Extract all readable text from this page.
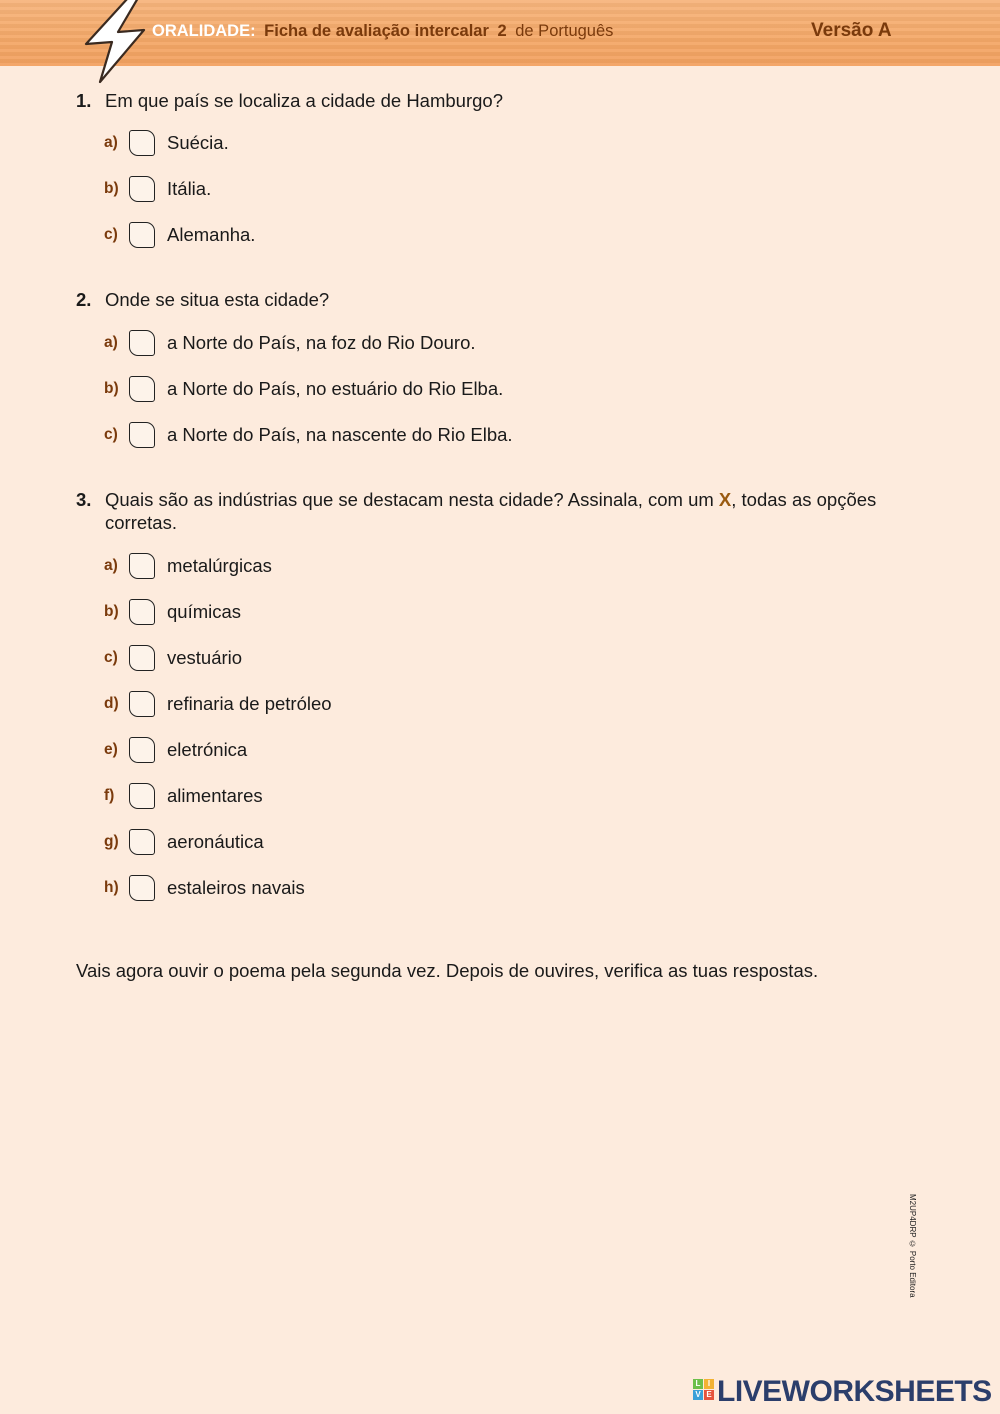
ORALIDADE: Ficha de avaliação intercalar 2 de Português	Versão A
1. Em que país se localiza a cidade de Hamburgo?
a)	Suécia.
b)	Itália.
c)	Alemanha.
2. Onde se situa esta cidade?
a)	a Norte do País, na foz do Rio Douro.
b)	a Norte do País, no estuário do Rio Elba.
c)	a Norte do País, na nascente do Rio Elba.
3. Quais são as indústrias que se destacam nesta cidade? Assinala, com um X, todas as opções corretas.
a)	metalúrgicas
b)	químicas
c)	vestuário
d)	refinaria de petróleo
e)	eletrónica
f)	alimentares
g)	aeronáutica
h)	estaleiros navais
Vais agora ouvir o poema pela segunda vez. Depois de ouvires, verifica as tuas respostas.
M2UP4DRP © Porto Editora
L I
V E LIVEWORKSHEETS
